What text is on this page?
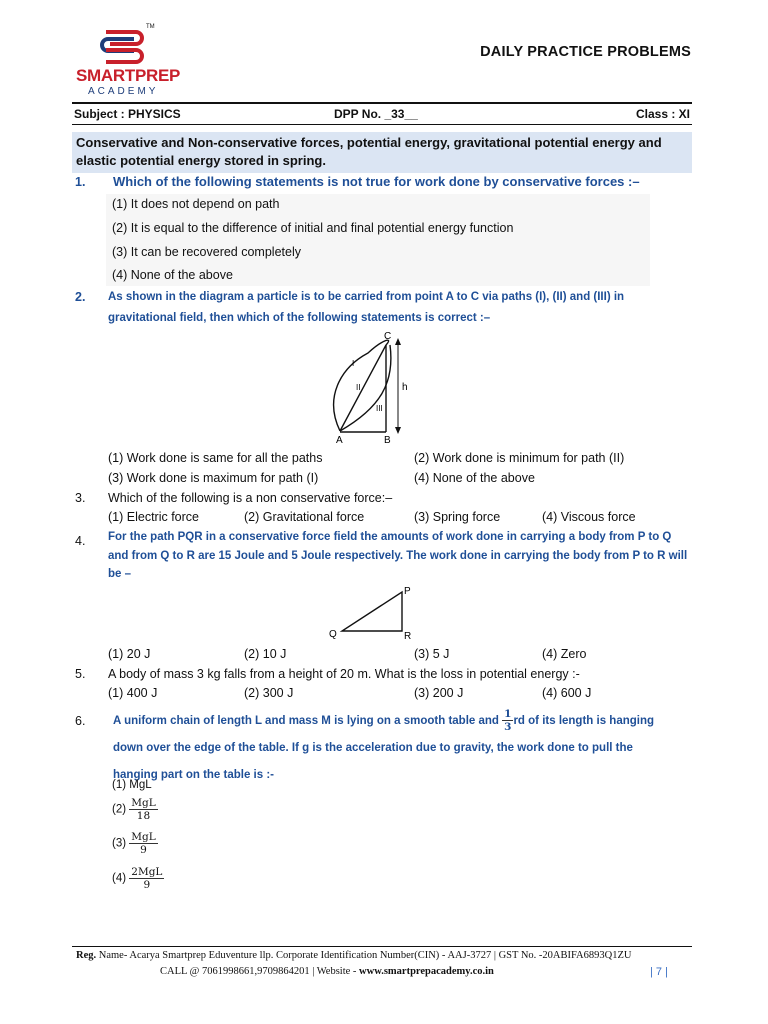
TM
SMARTPREP
ACADEMY
DAILY PRACTICE PROBLEMS
Subject : PHYSICS	DPP No. _33__	Class : XI
Conservative and Non-conservative forces, potential energy, gravitational potential energy and elastic potential energy stored in spring.
1. Which of the following statements is not true for work done by conservative forces :–
(1) It does not depend on path
(2) It is equal to the difference of initial and final potential energy function
(3) It can be recovered completely
(4) None of the above
2. As shown in the diagram a particle is to be carried from point A to C via paths (I), (II) and (III) in gravitational field, then which of the following statements is correct :–
C
A	B
h
I
II
III
(1) Work done is same for all the paths	(2) Work done is minimum for path (II)
(3) Work done is maximum for path (I)	(4) None of the above
3. Which of the following is a non conservative force:–
(1) Electric force	(2) Gravitational force	(3) Spring force	(4) Viscous force
4. For the path PQR in a conservative force field the amounts of work done in carrying a body from P to Q and from Q to R are 15 Joule and 5 Joule respectively. The work done in carrying the body from P to R will be –
P
Q	R
(1) 20 J	(2) 10 J	(3) 5 J	(4) Zero
5. A body of mass 3 kg falls from a height of 20 m. What is the loss in potential energy :-
(1) 400 J	(2) 300 J	(3) 200 J	(4) 600 J
6. A uniform chain of length L and mass M is lying on a smooth table and $\frac{1}{3}$ rd of its length is hanging down over the edge of the table. If g is the acceleration due to gravity, the work done to pull the hanging part on the table is :-
(1) MgL
$(2) \frac{\text{MgL}}{18}$
$(3) \frac{\text{MgL}}{9}$
$(4) \frac{\text{2MgL}}{9}$
Reg. Name- Acarya Smartprep Eduventure llp. Corporate Identification Number(CIN) - AAJ-3727 | GST No. -20ABIFA6893Q1ZU
CALL @ 7061998661,9709864201 | Website - www.smartprepacademy.co.in	| 7 |
